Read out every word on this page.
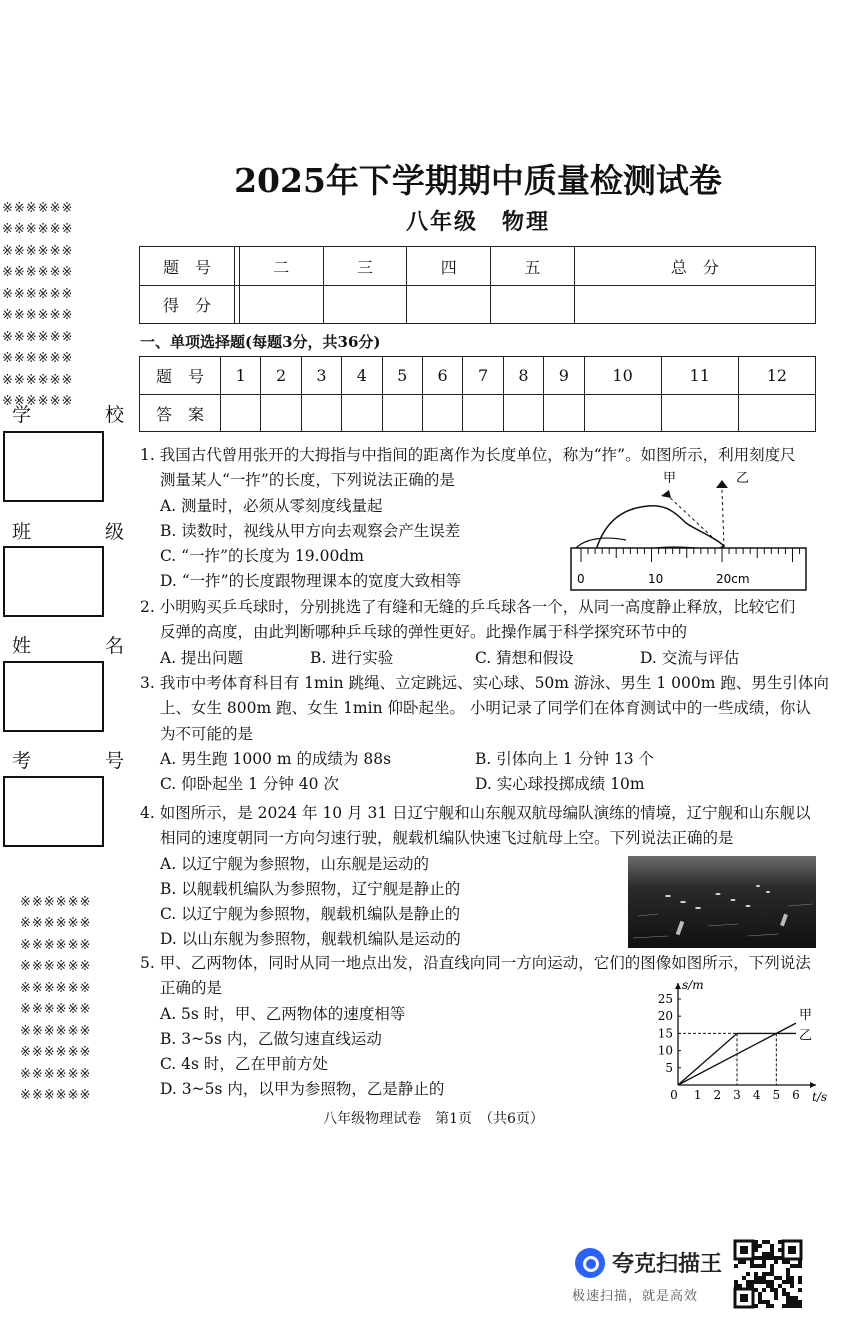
※※※※※※
※※※※※※
※※※※※※
※※※※※※
※※※※※※
※※※※※※
※※※※※※
※※※※※※
※※※※※※
※※※※※※

学 校
班 级
姓 名
考 号

※※※※※※
※※※※※※
※※※※※※
※※※※※※
※※※※※※
※※※※※※
※※※※※※
※※※※※※
※※※※※※
※※※※※※

2025年下学期期中质量检测试卷
八年级　物理
题　号		二	三	四	五	总　分
得　分						
一、单项选择题(每题3分，共36分)
题　号	1	2	3	4	5	6	7	8	9	10	11	12
答　案												

1. 我国古代曾用张开的大拇指与中指间的距离作为长度单位，称为“拃”。如图所示，利用刻度尺

测量某人“一拃”的长度，下列说法正确的是

A. 测量时，必须从零刻度线量起

B. 读数时，视线从甲方向去观察会产生误差

C. “一拃”的长度为 19.00dm

D. “一拃”的长度跟物理课本的宽度大致相等

甲	乙
0	10	20cm

2. 小明购买乒乓球时，分别挑选了有缝和无缝的乒乓球各一个，从同一高度静止释放，比较它们

反弹的高度，由此判断哪种乒乓球的弹性更好。此操作属于科学探究环节中的

A. 提出问题	B. 进行实验	C. 猜想和假设	D. 交流与评估

3. 我市中考体育科目有 1min 跳绳、立定跳远、实心球、50m 游泳、男生 1 000m 跑、男生引体向

上、女生 800m 跑、女生 1min 仰卧起坐。 小明记录了同学们在体育测试中的一些成绩，你认

为不可能的是

A. 男生跑 1000 m 的成绩为 88s	B. 引体向上 1 分钟 13 个

C. 仰卧起坐 1 分钟 40 次	D. 实心球投掷成绩 10m

4. 如图所示，是 2024 年 10 月 31 日辽宁舰和山东舰双航母编队演练的情境，辽宁舰和山东舰以

相同的速度朝同一方向匀速行驶，舰载机编队快速飞过航母上空。下列说法正确的是

A. 以辽宁舰为参照物，山东舰是运动的

B. 以舰载机编队为参照物，辽宁舰是静止的

C. 以辽宁舰为参照物，舰载机编队是静止的

D. 以山东舰为参照物，舰载机编队是运动的

5. 甲、乙两物体，同时从同一地点出发，沿直线向同一方向运动，它们的图像如图所示，下列说法

正确的是

A. 5s 时，甲、乙两物体的速度相等

B. 3~5s 内，乙做匀速直线运动

C. 4s 时，乙在甲前方处

D. 3~5s 内，以甲为参照物，乙是静止的

s/m
t/s
25
20
15
10
5
0 1 2 3 4 5 6
甲
乙
八年级物理试卷　第1页　（共6页）
夸克扫描王
极速扫描，就是高效
